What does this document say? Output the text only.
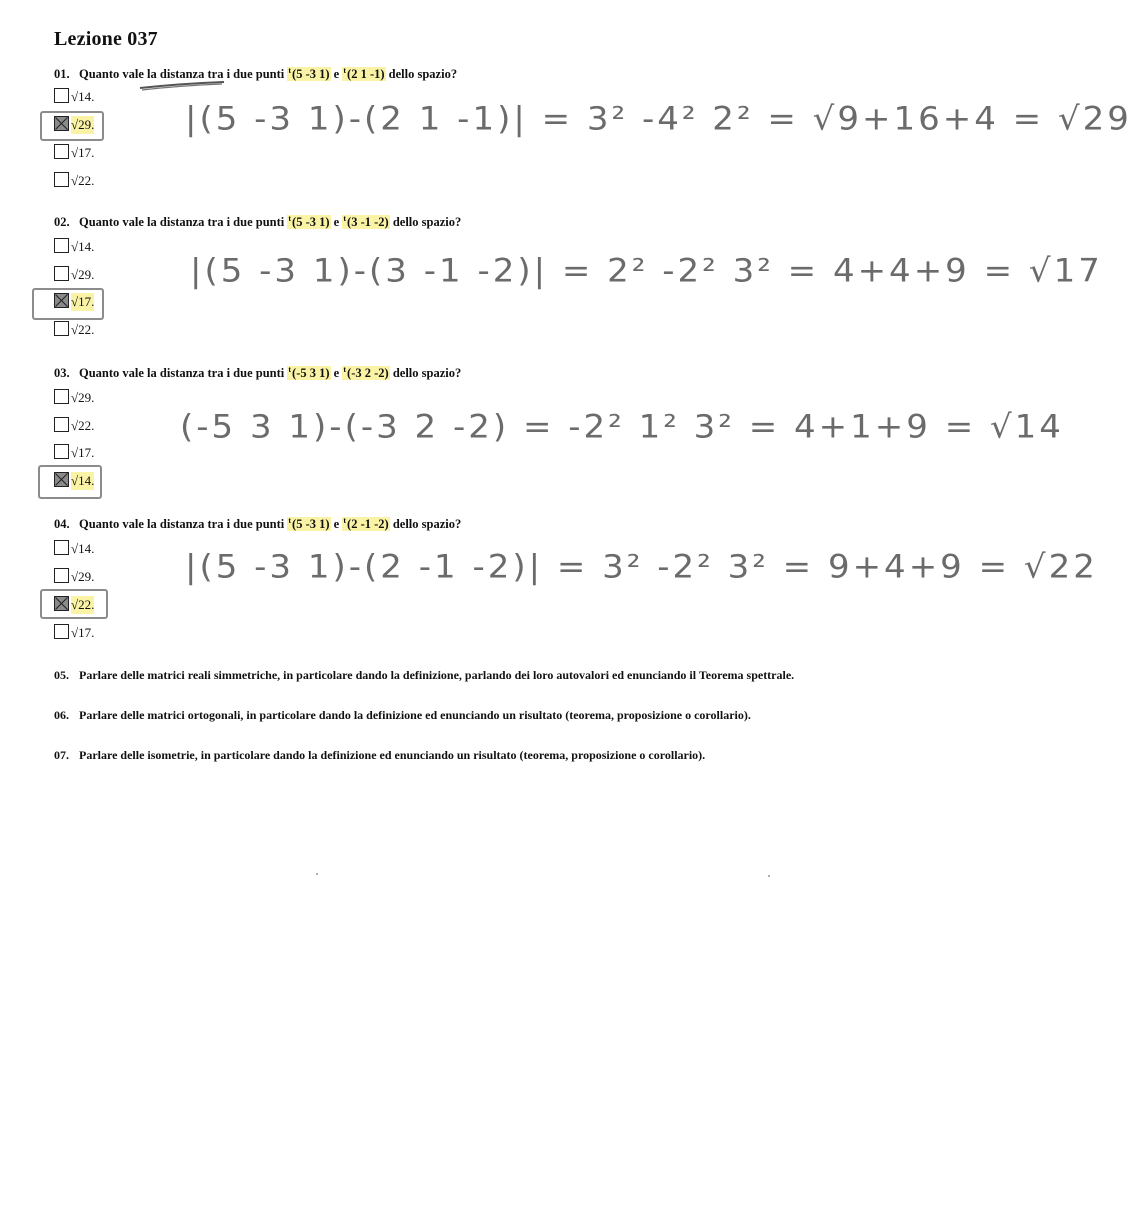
Lezione 037
01. Quanto vale la distanza tra i due punti $^t$(5 -3 1) e $^t$(2 1 -1) dello spazio?
√14.
√29.
√17.
√22.
|(5 -3 1)-(2 1 -1)| = 3² -4² 2² = √9+16+4 = √29
02. Quanto vale la distanza tra i due punti $^t$(5 -3 1) e $^t$(3 -1 -2) dello spazio?
√14.
√29.
√17.
√22.
|(5 -3 1)-(3 -1 -2)| = 2² -2² 3² = 4+4+9 = √17
03. Quanto vale la distanza tra i due punti $^t$(-5 3 1) e $^t$(-3 2 -2) dello spazio?
√29.
√22.
√17.
√14.
(-5 3 1)-(-3 2 -2) = -2² 1² 3² = 4+1+9 = √14
04. Quanto vale la distanza tra i due punti $^t$(5 -3 1) e $^t$(2 -1 -2) dello spazio?
√14.
√29.
√22.
√17.
|(5 -3 1)-(2 -1 -2)| = 3² -2² 3² = 9+4+9 = √22
05. Parlare delle matrici reali simmetriche, in particolare dando la definizione, parlando dei loro autovalori ed enunciando il Teorema spettrale.
06. Parlare delle matrici ortogonali, in particolare dando la definizione ed enunciando un risultato (teorema, proposizione o corollario).
07. Parlare delle isometrie, in particolare dando la definizione ed enunciando un risultato (teorema, proposizione o corollario).
